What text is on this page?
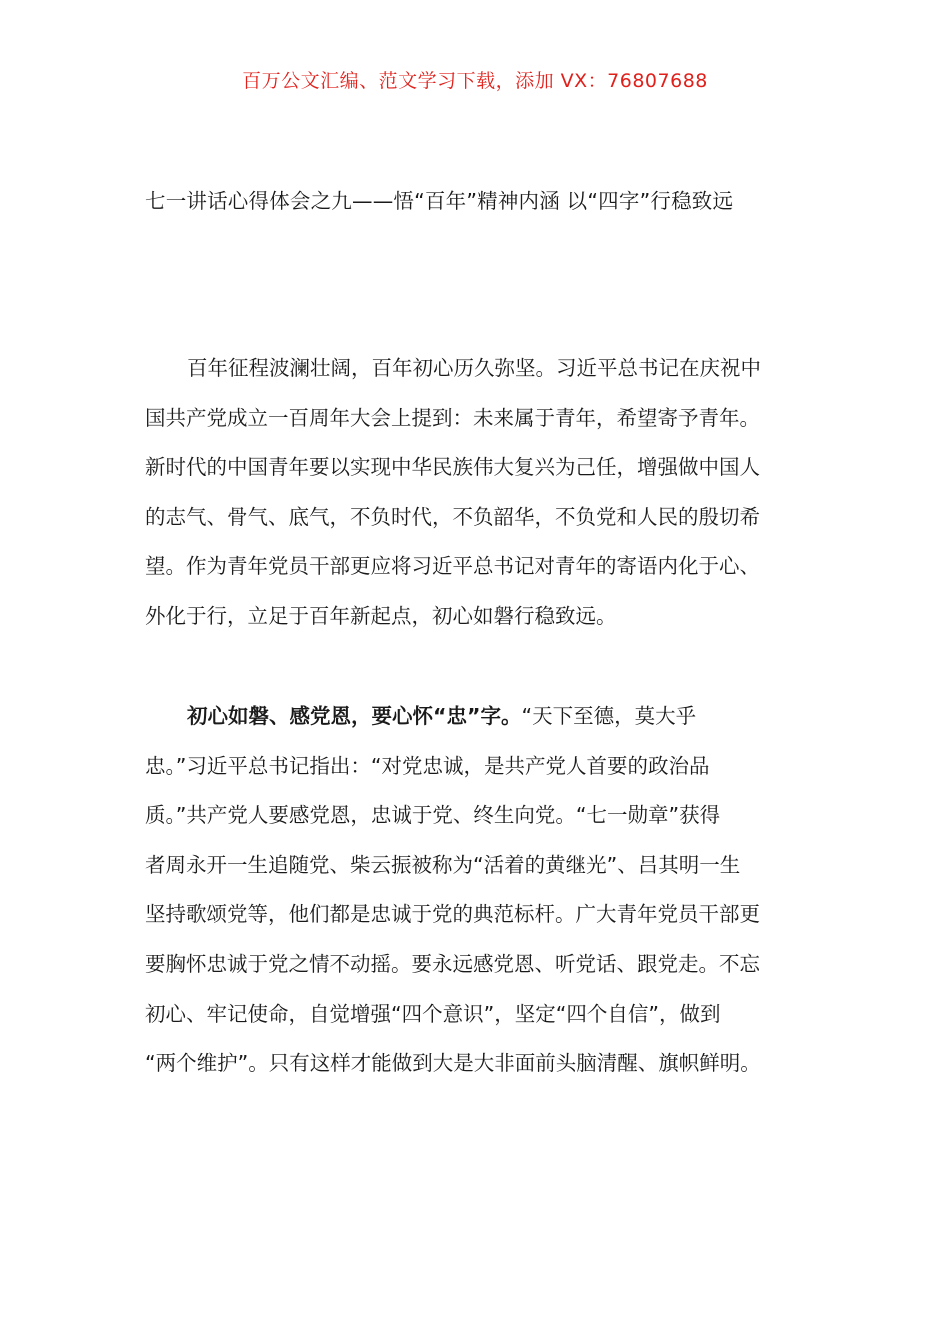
百万公文汇编、范文学习下载，添加 VX：76807688
七一讲话心得体会之九——悟“百年”精神内涵 以“四字”行稳致远
百年征程波澜壮阔，百年初心历久弥坚。习近平总书记在庆祝中
国共产党成立一百周年大会上提到：未来属于青年，希望寄予青年。
新时代的中国青年要以实现中华民族伟大复兴为己任，增强做中国人
的志气、骨气、底气，不负时代，不负韶华，不负党和人民的殷切希
望。作为青年党员干部更应将习近平总书记对青年的寄语内化于心、
外化于行，立足于百年新起点，初心如磐行稳致远。
初心如磐、感党恩，要心怀“忠”字。“天下至德，莫大乎
忠。”习近平总书记指出：“对党忠诚，是共产党人首要的政治品
质。”共产党人要感党恩，忠诚于党、终生向党。“七一勋章”获得
者周永开一生追随党、柴云振被称为“活着的黄继光”、吕其明一生
坚持歌颂党等，他们都是忠诚于党的典范标杆。广大青年党员干部更
要胸怀忠诚于党之情不动摇。要永远感党恩、听党话、跟党走。不忘
初心、牢记使命，自觉增强“四个意识”，坚定“四个自信”，做到
“两个维护”。只有这样才能做到大是大非面前头脑清醒、旗帜鲜明。
